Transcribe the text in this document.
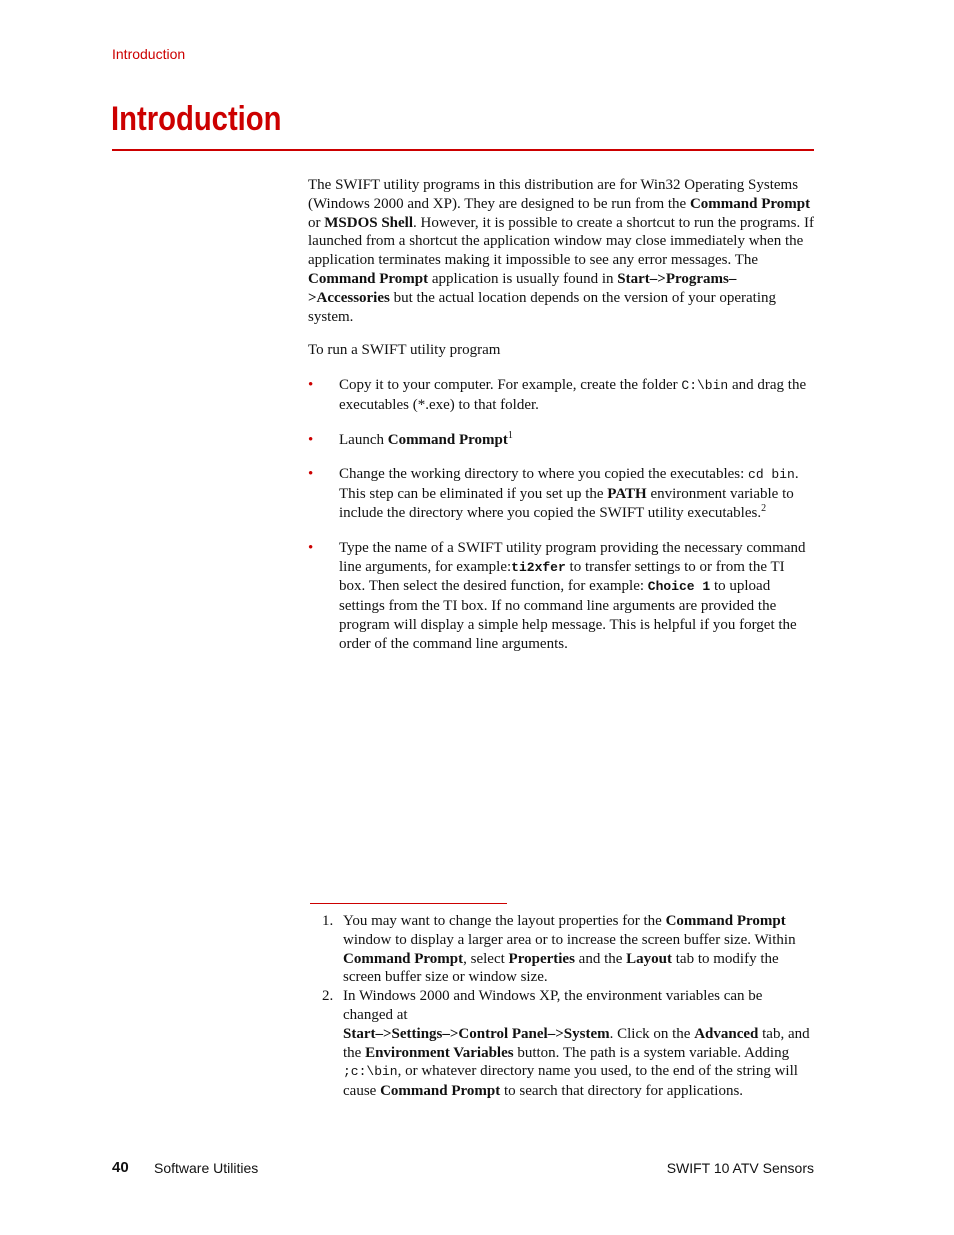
Introduction
Introduction

The SWIFT utility programs in this distribution are for Win32 Operating Systems (Windows 2000 and XP). They are designed to be run from the Command Prompt or MSDOS Shell. However, it is possible to create a shortcut to run the programs. If launched from a shortcut the application window may close immediately when the application terminates making it impossible to see any error messages. The Command Prompt application is usually found in Start–>Programs–>Accessories but the actual location depends on the version of your operating system.

To run a SWIFT utility program

• Copy it to your computer. For example, create the folder C:\bin and drag the executables (*.exe) to that folder.
• Launch Command Prompt$^1$
• Change the working directory to where you copied the executables: cd bin. This step can be eliminated if you set up the PATH environment variable to include the directory where you copied the SWIFT utility executables.$^2$
• Type the name of a SWIFT utility program providing the necessary command line arguments, for example:ti2xfer to transfer settings to or from the TI box. Then select the desired function, for example: Choice 1 to upload settings from the TI box. If no command line arguments are provided the program will display a simple help message. This is helpful if you forget the order of the command line arguments.
1. You may want to change the layout properties for the Command Prompt window to display a larger area or to increase the screen buffer size. Within Command Prompt, select Properties and the Layout tab to modify the screen buffer size or window size.
2. In Windows 2000 and Windows XP, the environment variables can be changed at
Start–>Settings–>Control Panel–>System. Click on the Advanced tab, and the Environment Variables button. The path is a system variable. Adding ;c:\bin, or whatever directory name you used, to the end of the string will cause Command Prompt to search that directory for applications.
40 Software Utilities	SWIFT 10 ATV Sensors
